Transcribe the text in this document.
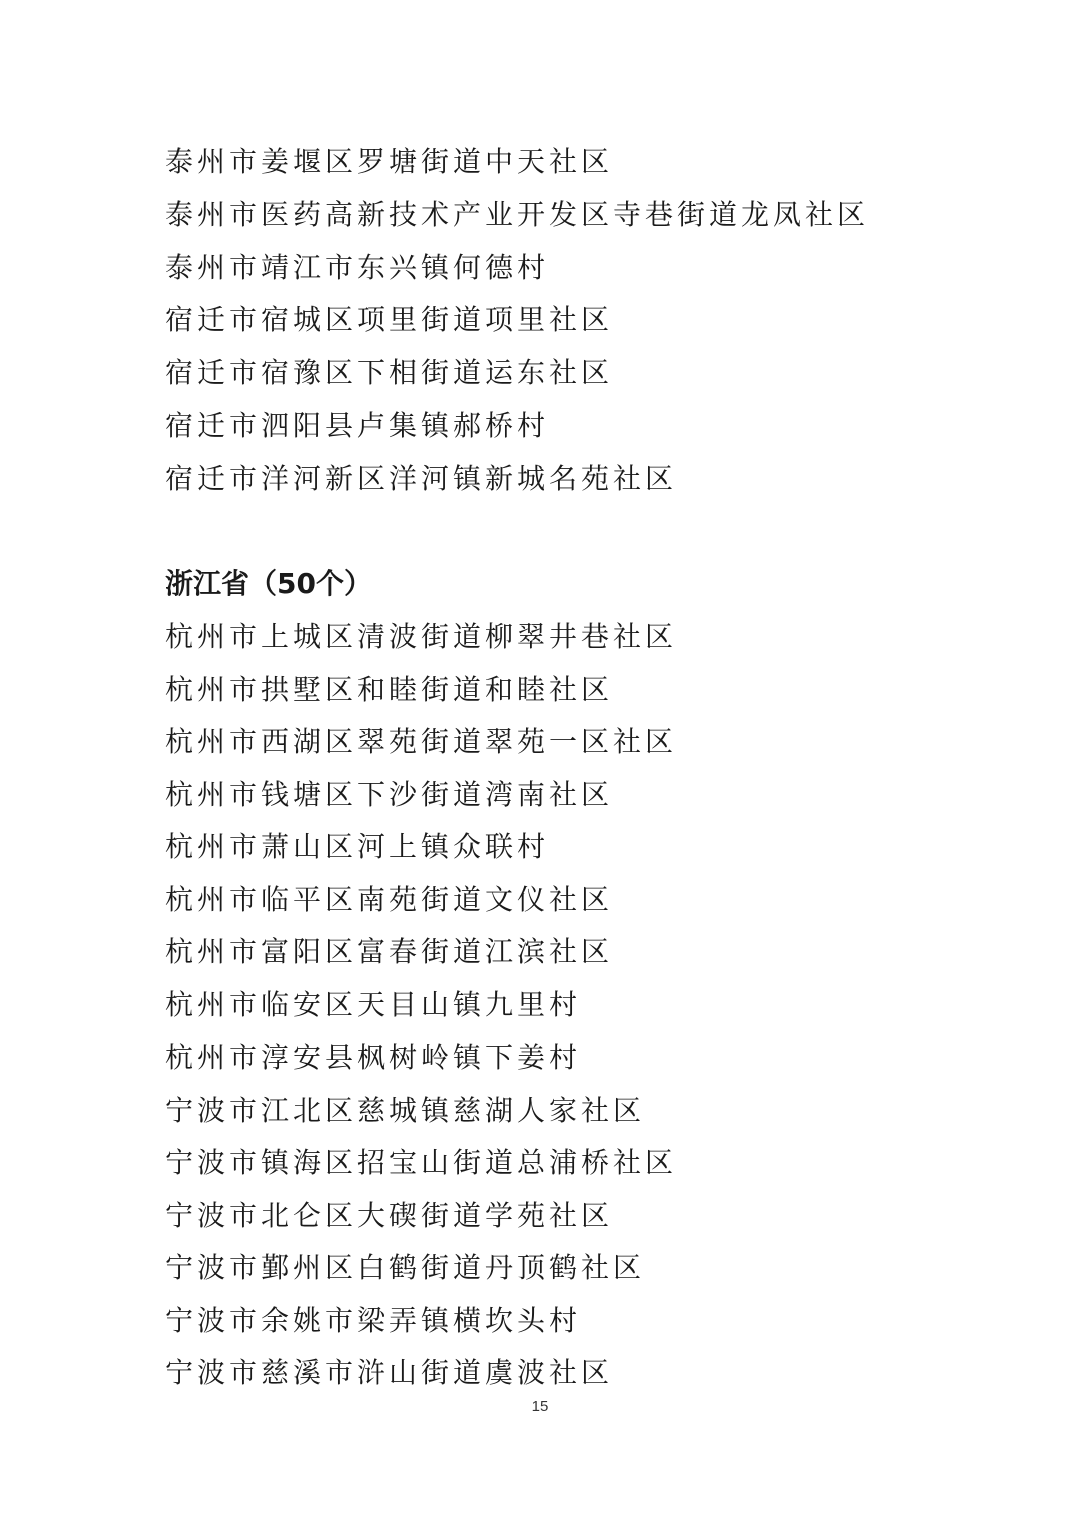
泰州市姜堰区罗塘街道中天社区
泰州市医药高新技术产业开发区寺巷街道龙凤社区
泰州市靖江市东兴镇何德村
宿迁市宿城区项里街道项里社区
宿迁市宿豫区下相街道运东社区
宿迁市泗阳县卢集镇郝桥村
宿迁市洋河新区洋河镇新城名苑社区
浙江省（50个）
杭州市上城区清波街道柳翠井巷社区
杭州市拱墅区和睦街道和睦社区
杭州市西湖区翠苑街道翠苑一区社区
杭州市钱塘区下沙街道湾南社区
杭州市萧山区河上镇众联村
杭州市临平区南苑街道文仪社区
杭州市富阳区富春街道江滨社区
杭州市临安区天目山镇九里村
杭州市淳安县枫树岭镇下姜村
宁波市江北区慈城镇慈湖人家社区
宁波市镇海区招宝山街道总浦桥社区
宁波市北仑区大碶街道学苑社区
宁波市鄞州区白鹤街道丹顶鹤社区
宁波市余姚市梁弄镇横坎头村
宁波市慈溪市浒山街道虞波社区
15
